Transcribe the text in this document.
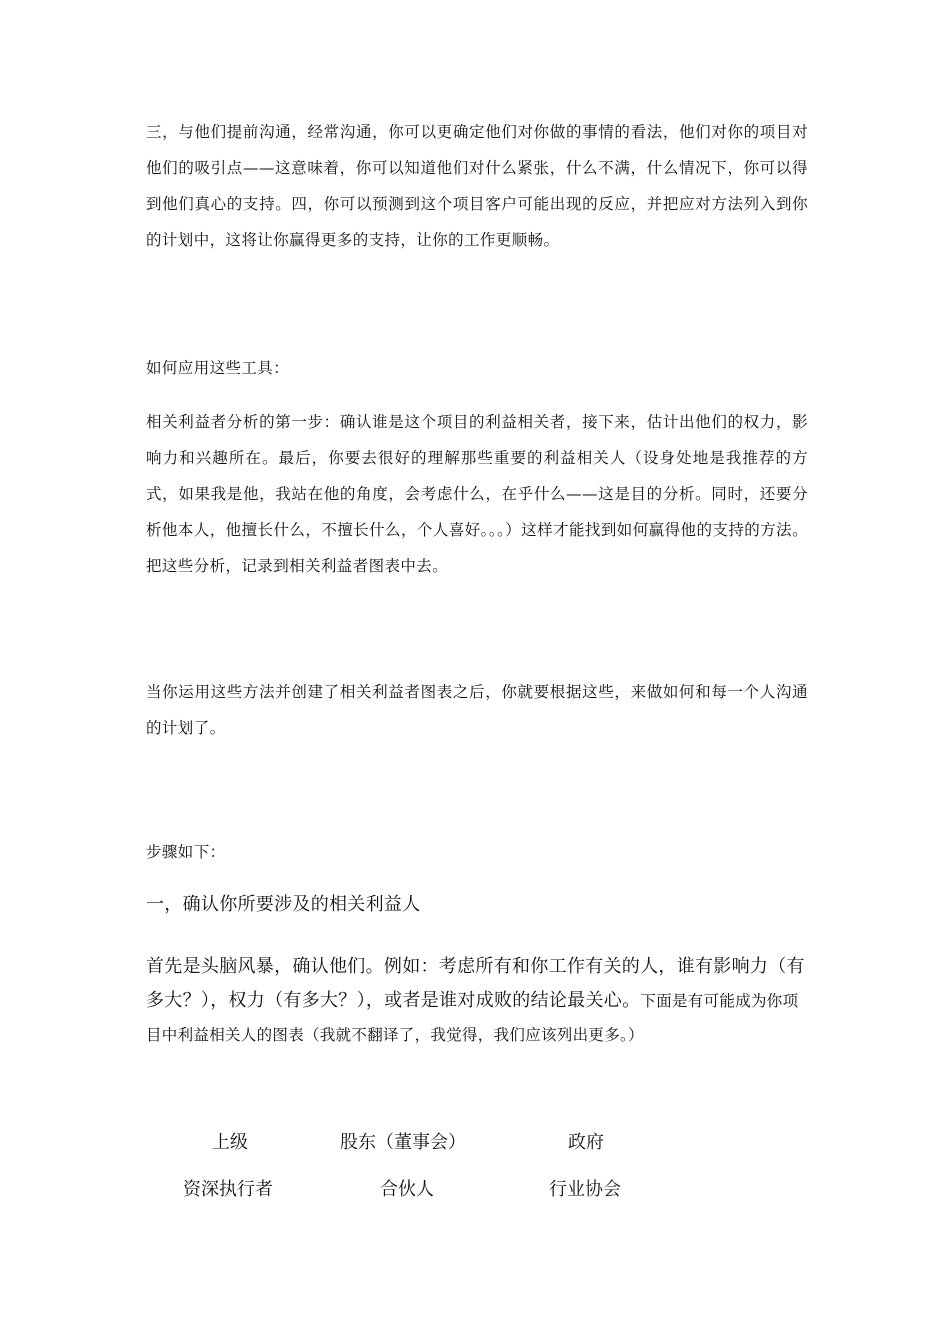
三，与他们提前沟通，经常沟通，你可以更确定他们对你做的事情的看法，他们对你的项目对他们的吸引点——这意味着，你可以知道他们对什么紧张，什么不满，什么情况下，你可以得到他们真心的支持。四，你可以预测到这个项目客户可能出现的反应，并把应对方法列入到你的计划中，这将让你赢得更多的支持，让你的工作更顺畅。

如何应用这些工具：

相关利益者分析的第一步：确认谁是这个项目的利益相关者，接下来，估计出他们的权力，影响力和兴趣所在。最后，你要去很好的理解那些重要的利益相关人（设身处地是我推荐的方式，如果我是他，我站在他的角度，会考虑什么，在乎什么——这是目的分析。同时，还要分析他本人，他擅长什么，不擅长什么，个人喜好。。。）这样才能找到如何赢得他的支持的方法。把这些分析，记录到相关利益者图表中去。

当你运用这些方法并创建了相关利益者图表之后，你就要根据这些，来做如何和每一个人沟通的计划了。

步骤如下：

一，确认你所要涉及的相关利益人

首先是头脑风暴，确认他们。例如：考虑所有和你工作有关的人，谁有影响力（有多大？），权力（有多大？），或者是谁对成败的结论最关心。下面是有可能成为你项目中利益相关人的图表（我就不翻译了，我觉得，我们应该列出更多。）

上级	股东（董事会）	政府
资深执行者	合伙人	行业协会
